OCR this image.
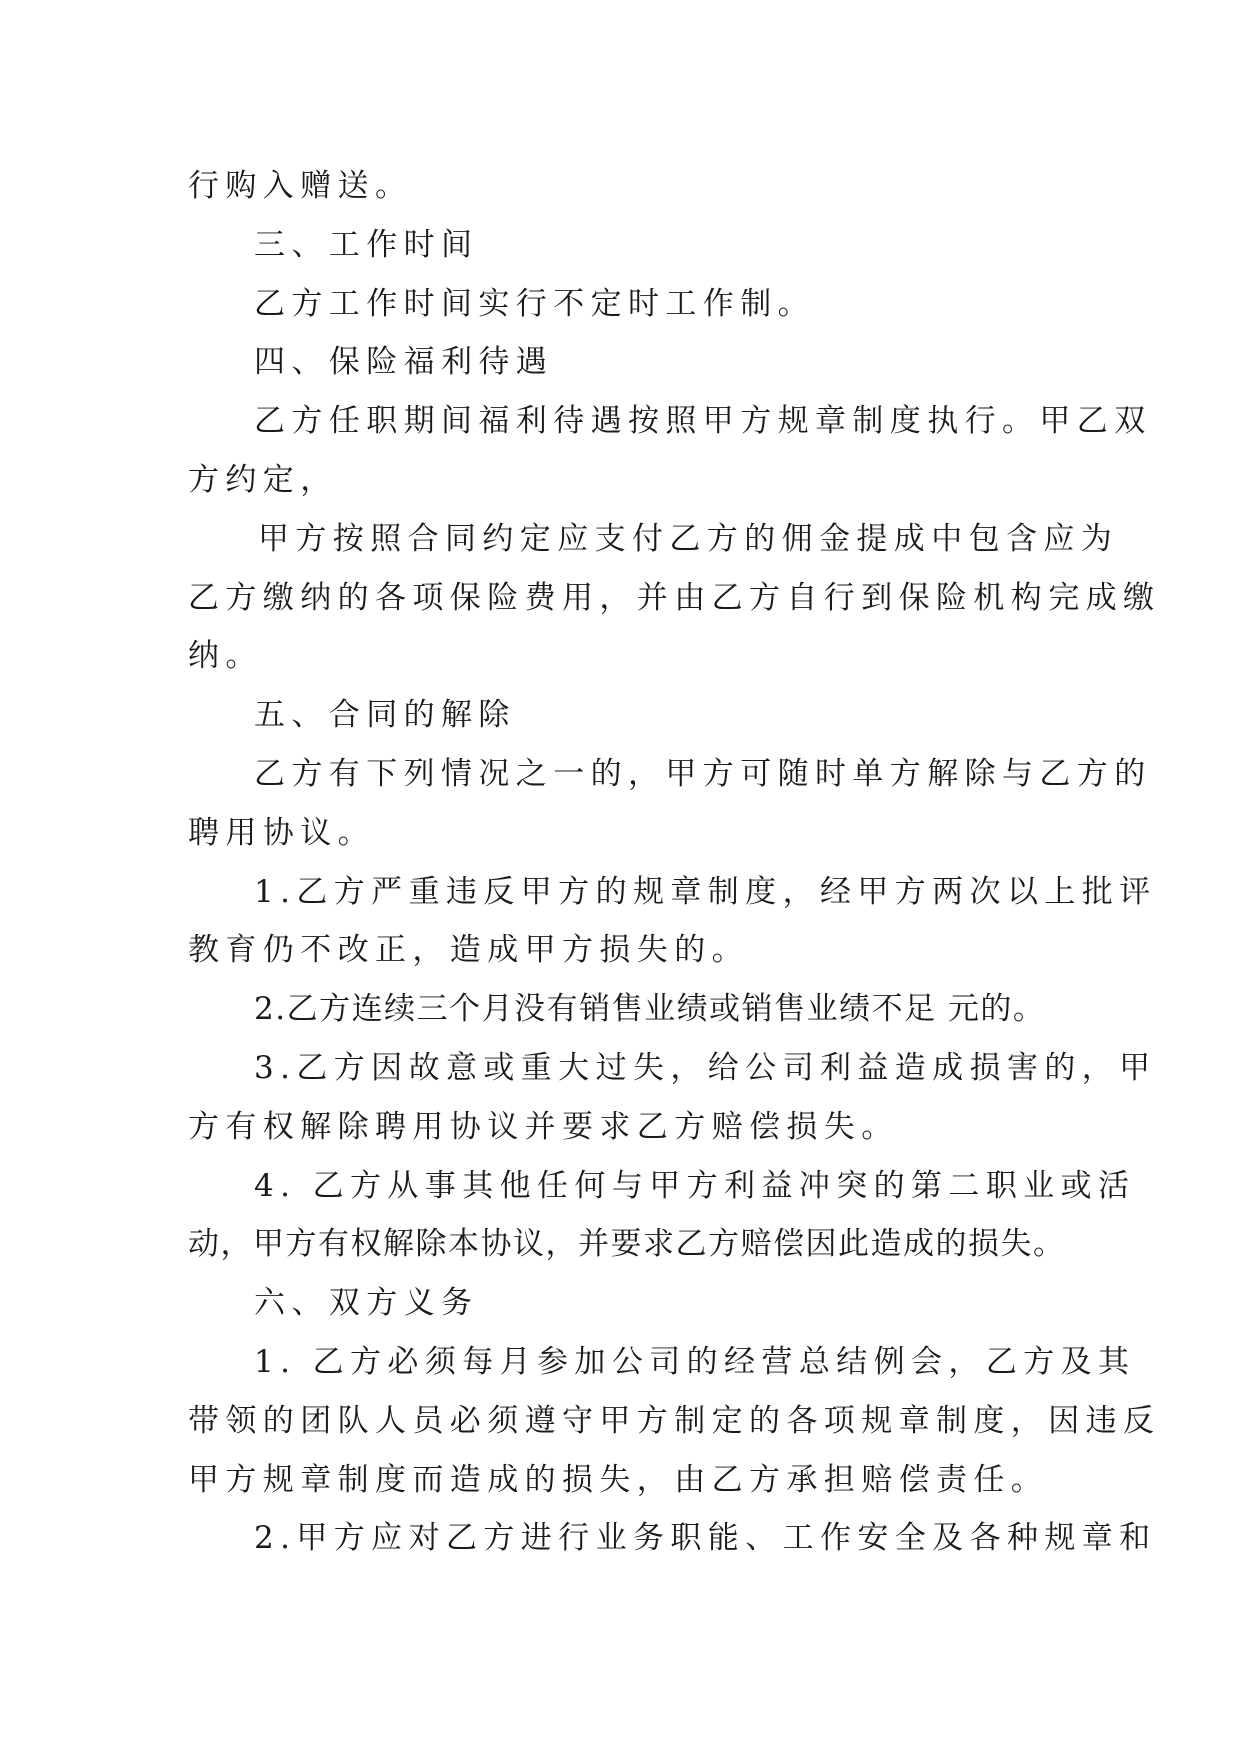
行购入赠送。
三、工作时间
乙方工作时间实行不定时工作制。
四、保险福利待遇
乙方任职期间福利待遇按照甲方规章制度执行。甲乙双
方约定，
甲方按照合同约定应支付乙方的佣金提成中包含应为
乙方缴纳的各项保险费用，并由乙方自行到保险机构完成缴
纳。
五、合同的解除
乙方有下列情况之一的，甲方可随时单方解除与乙方的
聘用协议。
1.乙方严重违反甲方的规章制度，经甲方两次以上批评
教育仍不改正，造成甲方损失的。
2.乙方连续三个月没有销售业绩或销售业绩不足 元的。
3.乙方因故意或重大过失，给公司利益造成损害的，甲
方有权解除聘用协议并要求乙方赔偿损失。
4. 乙方从事其他任何与甲方利益冲突的第二职业或活
动，甲方有权解除本协议，并要求乙方赔偿因此造成的损失。
六、双方义务
1. 乙方必须每月参加公司的经营总结例会，乙方及其
带领的团队人员必须遵守甲方制定的各项规章制度，因违反
甲方规章制度而造成的损失，由乙方承担赔偿责任。
2.甲方应对乙方进行业务职能、工作安全及各种规章和
